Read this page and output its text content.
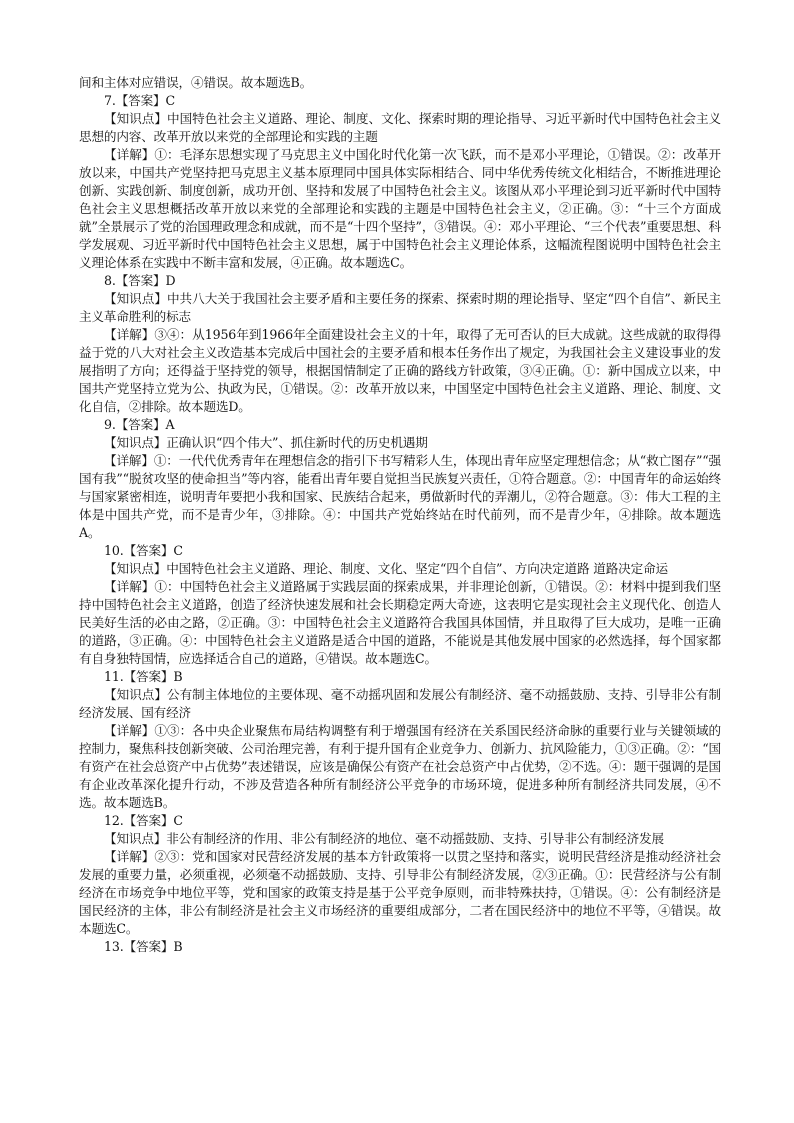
间和主体对应错误，④错误。故本题选B。

7.【答案】C

【知识点】中国特色社会主义道路、理论、制度、文化、探索时期的理论指导、习近平新时代中国特色社会主义思想的内容、改革开放以来党的全部理论和实践的主题

【详解】①：毛泽东思想实现了马克思主义中国化时代化第一次飞跃，而不是邓小平理论，①错误。②：改革开放以来，中国共产党坚持把马克思主义基本原理同中国具体实际相结合、同中华优秀传统文化相结合，不断推进理论创新、实践创新、制度创新，成功开创、坚持和发展了中国特色社会主义。该图从邓小平理论到习近平新时代中国特色社会主义思想概括改革开放以来党的全部理论和实践的主题是中国特色社会主义，②正确。③：“十三个方面成就”全景展示了党的治国理政理念和成就，而不是“十四个坚持”，③错误。④：邓小平理论、“三个代表”重要思想、科学发展观、习近平新时代中国特色社会主义思想，属于中国特色社会主义理论体系，这幅流程图说明中国特色社会主义理论体系在实践中不断丰富和发展，④正确。故本题选C。

8.【答案】D

【知识点】中共八大关于我国社会主要矛盾和主要任务的探索、探索时期的理论指导、坚定“四个自信”、新民主主义革命胜利的标志

【详解】③④：从1956年到1966年全面建设社会主义的十年，取得了无可否认的巨大成就。这些成就的取得得益于党的八大对社会主义改造基本完成后中国社会的主要矛盾和根本任务作出了规定，为我国社会主义建设事业的发展指明了方向；还得益于坚持党的领导，根据国情制定了正确的路线方针政策，③④正确。①：新中国成立以来，中国共产党坚持立党为公、执政为民，①错误。②：改革开放以来，中国坚定中国特色社会主义道路、理论、制度、文化自信，②排除。故本题选D。

9.【答案】A

【知识点】正确认识“四个伟大”、抓住新时代的历史机遇期

【详解】①：一代代优秀青年在理想信念的指引下书写精彩人生，体现出青年应坚定理想信念；从“救亡图存”“强国有我”“脱贫攻坚的使命担当”等内容，能看出青年要自觉担当民族复兴责任，①符合题意。②：中国青年的命运始终与国家紧密相连，说明青年要把小我和国家、民族结合起来，勇做新时代的弄潮儿，②符合题意。③：伟大工程的主体是中国共产党，而不是青少年，③排除。④：中国共产党始终站在时代前列，而不是青少年，④排除。故本题选A。

10.【答案】C

【知识点】中国特色社会主义道路、理论、制度、文化、坚定“四个自信”、方向决定道路 道路决定命运

【详解】①：中国特色社会主义道路属于实践层面的探索成果，并非理论创新，①错误。②：材料中提到我们坚持中国特色社会主义道路，创造了经济快速发展和社会长期稳定两大奇迹，这表明它是实现社会主义现代化、创造人民美好生活的必由之路，②正确。③：中国特色社会主义道路符合我国具体国情，并且取得了巨大成功，是唯一正确的道路，③正确。④：中国特色社会主义道路是适合中国的道路，不能说是其他发展中国家的必然选择，每个国家都有自身独特国情，应选择适合自己的道路，④错误。故本题选C。

11.【答案】B

【知识点】公有制主体地位的主要体现、毫不动摇巩固和发展公有制经济、毫不动摇鼓励、支持、引导非公有制经济发展、国有经济

【详解】①③：各中央企业聚焦布局结构调整有利于增强国有经济在关系国民经济命脉的重要行业与关键领域的控制力，聚焦科技创新突破、公司治理完善，有利于提升国有企业竞争力、创新力、抗风险能力，①③正确。②：“国有资产在社会总资产中占优势”表述错误，应该是确保公有资产在社会总资产中占优势，②不选。④：题干强调的是国有企业改革深化提升行动，不涉及营造各种所有制经济公平竞争的市场环境，促进多种所有制经济共同发展，④不选。故本题选B。

12.【答案】C

【知识点】非公有制经济的作用、非公有制经济的地位、毫不动摇鼓励、支持、引导非公有制经济发展

【详解】②③：党和国家对民营经济发展的基本方针政策将一以贯之坚持和落实，说明民营经济是推动经济社会发展的重要力量，必须重视，必须毫不动摇鼓励、支持、引导非公有制经济发展，②③正确。①：民营经济与公有制经济在市场竞争中地位平等，党和国家的政策支持是基于公平竞争原则，而非特殊扶持，①错误。④：公有制经济是国民经济的主体，非公有制经济是社会主义市场经济的重要组成部分，二者在国民经济中的地位不平等，④错误。故本题选C。

13.【答案】B
